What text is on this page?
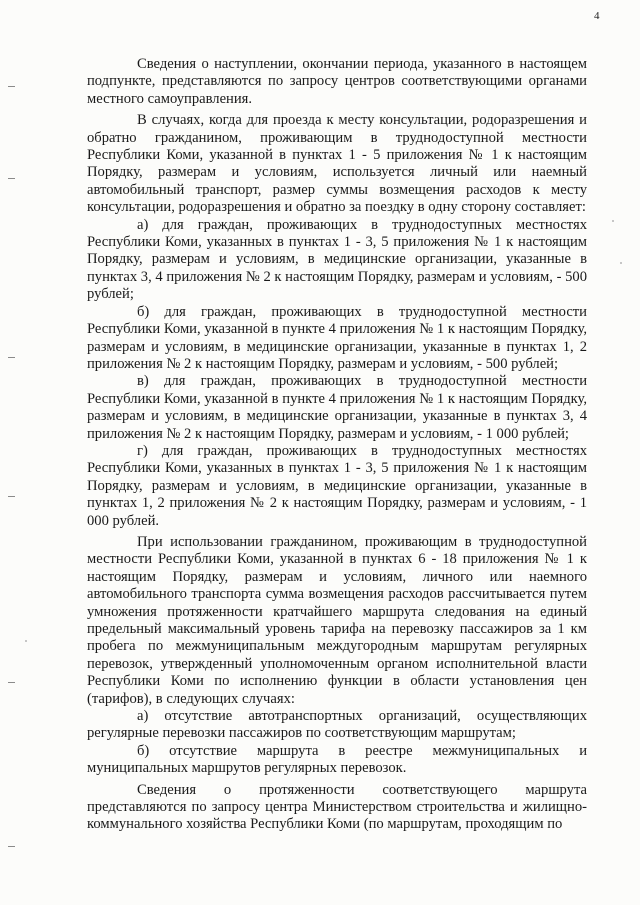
4

Сведения о наступлении, окончании периода, указанного в настоящем подпункте, представляются по запросу центров соответствующими органами местного самоуправления.

В случаях, когда для проезда к месту консультации, родоразрешения и обратно гражданином, проживающим в труднодоступной местности Республики Коми, указанной в пунктах 1 - 5 приложения № 1 к настоящим Порядку, размерам и условиям, используется личный или наемный автомобильный транспорт, размер суммы возмещения расходов к месту консультации, родоразрешения и обратно за поездку в одну сторону составляет:

а) для граждан, проживающих в труднодоступных местностях Республики Коми, указанных в пунктах 1 - 3, 5 приложения № 1 к настоящим Порядку, размерам и условиям, в медицинские организации, указанные в пунктах 3, 4 приложения № 2 к настоящим Порядку, размерам и условиям, - 500 рублей;

б) для граждан, проживающих в труднодоступной местности Республики Коми, указанной в пункте 4 приложения № 1 к настоящим Порядку, размерам и условиям, в медицинские организации, указанные в пунктах 1, 2 приложения № 2 к настоящим Порядку, размерам и условиям, - 500 рублей;

в) для граждан, проживающих в труднодоступной местности Республики Коми, указанной в пункте 4 приложения № 1 к настоящим Порядку, размерам и условиям, в медицинские организации, указанные в пунктах 3, 4 приложения № 2 к настоящим Порядку, размерам и условиям, - 1 000 рублей;

г) для граждан, проживающих в труднодоступных местностях Республики Коми, указанных в пунктах 1 - 3, 5 приложения № 1 к настоящим Порядку, размерам и условиям, в медицинские организации, указанные в пунктах 1, 2 приложения № 2 к настоящим Порядку, размерам и условиям, - 1 000 рублей.

При использовании гражданином, проживающим в труднодоступной местности Республики Коми, указанной в пунктах 6 - 18 приложения № 1 к настоящим Порядку, размерам и условиям, личного или наемного автомобильного транспорта сумма возмещения расходов рассчитывается путем умножения протяженности кратчайшего маршрута следования на единый предельный максимальный уровень тарифа на перевозку пассажиров за 1 км пробега по межмуниципальным междугородным маршрутам регулярных перевозок, утвержденный уполномоченным органом исполнительной власти Республики Коми по исполнению функции в области установления цен (тарифов), в следующих случаях:

а) отсутствие автотранспортных организаций, осуществляющих регулярные перевозки пассажиров по соответствующим маршрутам;

б) отсутствие маршрута в реестре межмуниципальных и муниципальных маршрутов регулярных перевозок.

Сведения о протяженности соответствующего маршрута представляются по запросу центра Министерством строительства и жилищно-коммунального хозяйства Республики Коми (по маршрутам, проходящим по
